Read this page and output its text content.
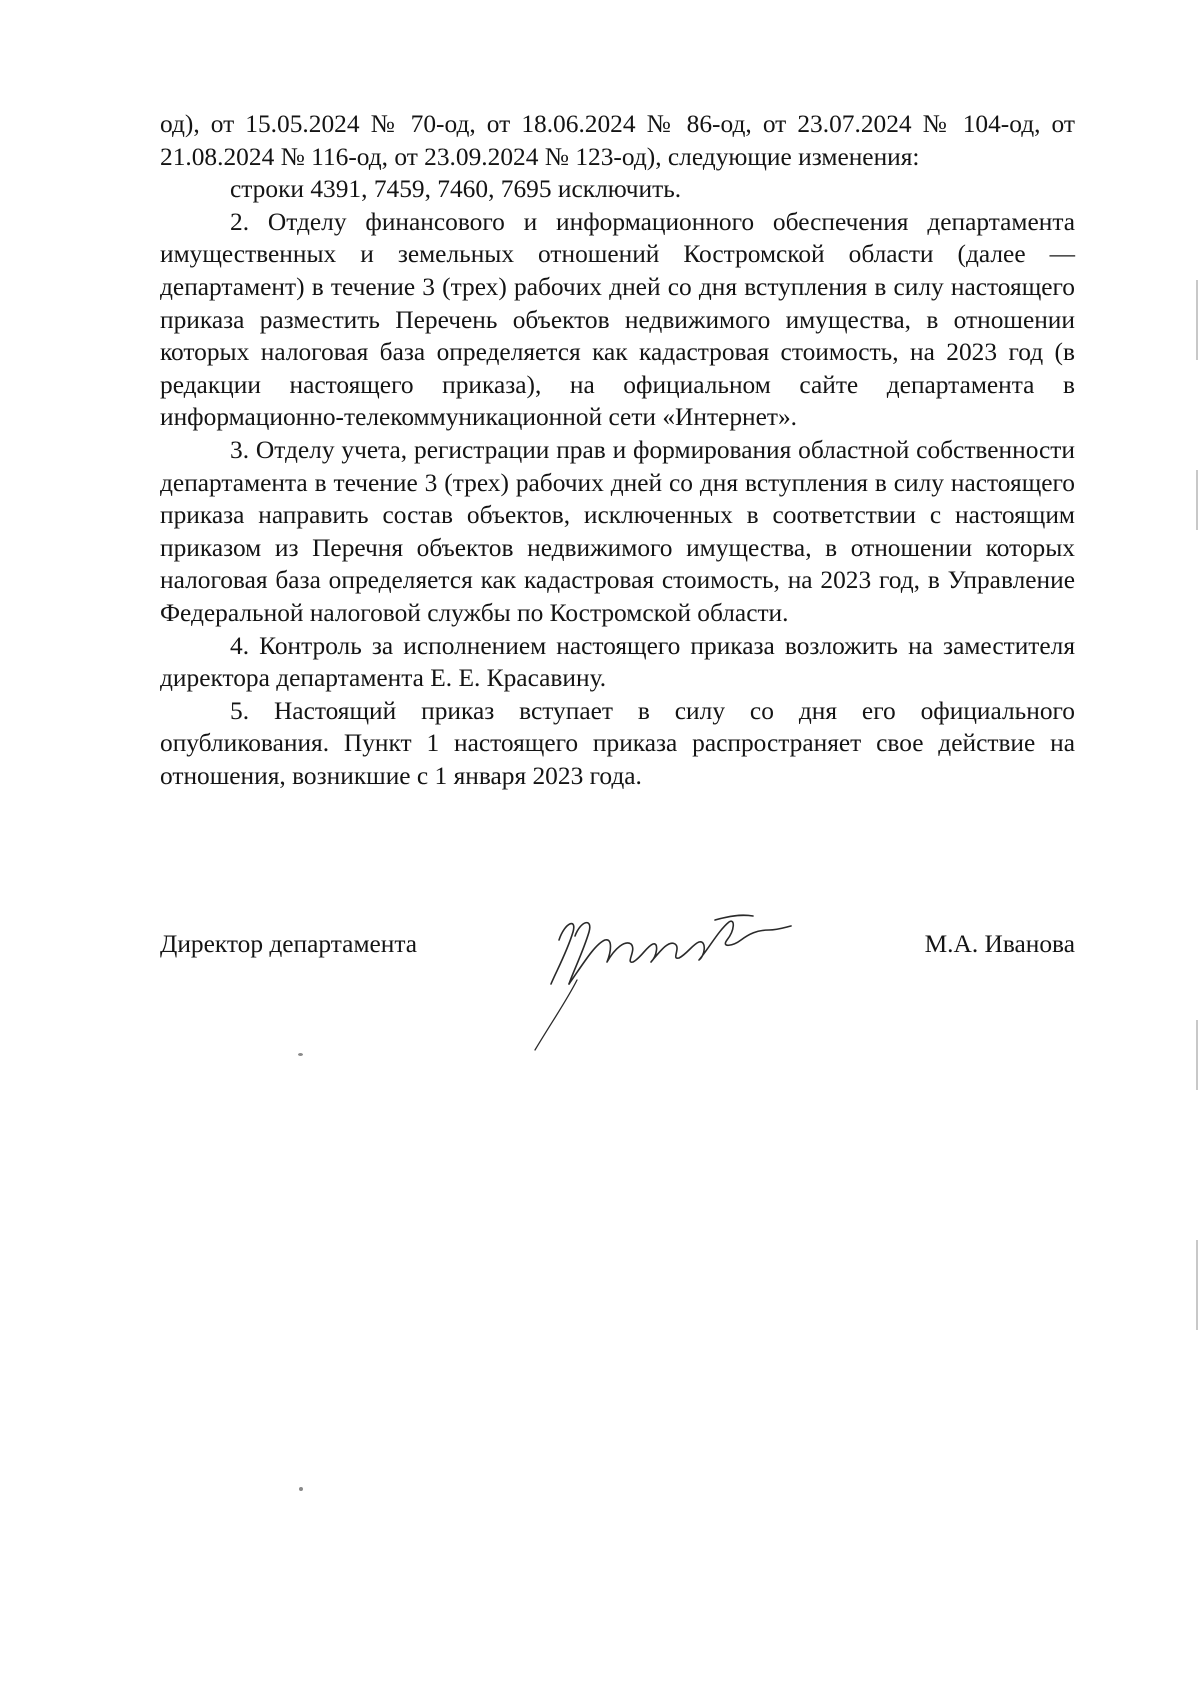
од), от 15.05.2024 № 70-од, от 18.06.2024 № 86-од, от 23.07.2024 № 104-од, от 21.08.2024 № 116-од, от 23.09.2024 № 123-од), следующие изменения:

строки 4391, 7459, 7460, 7695 исключить.

2. Отделу финансового и информационного обеспечения департамента имущественных и земельных отношений Костромской области (далее — департамент) в течение 3 (трех) рабочих дней со дня вступления в силу настоящего приказа разместить Перечень объектов недвижимого имущества, в отношении которых налоговая база определяется как кадастровая стоимость, на 2023 год (в редакции настоящего приказа), на официальном сайте департамента в информационно-телекоммуникационной сети «Интернет».

3. Отделу учета, регистрации прав и формирования областной собственности департамента в течение 3 (трех) рабочих дней со дня вступления в силу настоящего приказа направить состав объектов, исключенных в соответствии с настоящим приказом из Перечня объектов недвижимого имущества, в отношении которых налоговая база определяется как кадастровая стоимость, на 2023 год, в Управление Федеральной налоговой службы по Костромской области.

4. Контроль за исполнением настоящего приказа возложить на заместителя директора департамента Е. Е. Красавину.

5. Настоящий приказ вступает в силу со дня его официального опубликования. Пункт 1 настоящего приказа распространяет свое действие на отношения, возникшие с 1 января 2023 года.

Директор департамента	М.А. Иванова
